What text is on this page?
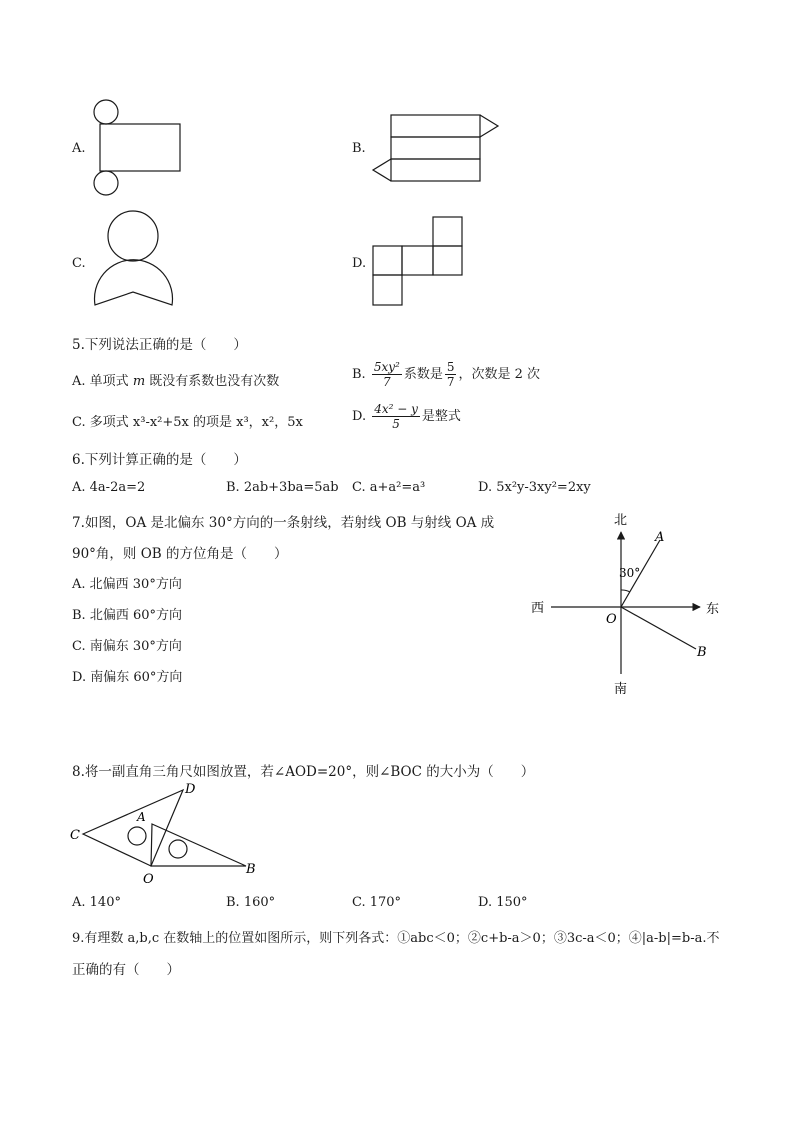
A.	B.
C.	D.
5.下列说法正确的是（　　）
A. 单项式 m 既没有系数也没有次数	B. $\frac{\text{5xy²}}{7}$ 系数是 $\frac{5}{7}$ ，次数是 2 次
C. 多项式 x³-x²+5x 的项是 x³，x²，5x	D. $\frac{\text{4x² − y}}{5}$ 是整式
6.下列计算正确的是（　　）
A. 4a-2a=2	B. 2ab+3ba=5ab C. a+a²=a³	D. 5x²y-3xy²=2xy
7.如图，OA 是北偏东 30°方向的一条射线，若射线 OB 与射线 OA 成
90°角，则 OB 的方位角是（　　）
A. 北偏西 30°方向
B. 北偏西 60°方向
C. 南偏东 30°方向
D. 南偏东 60°方向
北
南
西	东
O
A
B
30°
8.将一副直角三角尺如图放置，若∠AOD=20°，则∠BOC 的大小为（　　）
C
A
D
O
B
A. 140°	B. 160°	C. 170°	D. 150°
9.有理数 a,b,c 在数轴上的位置如图所示，则下列各式：①abc＜0；②c+b-a＞0；③3c-a＜0；④|a-b|=b-a.不
正确的有（　　）
